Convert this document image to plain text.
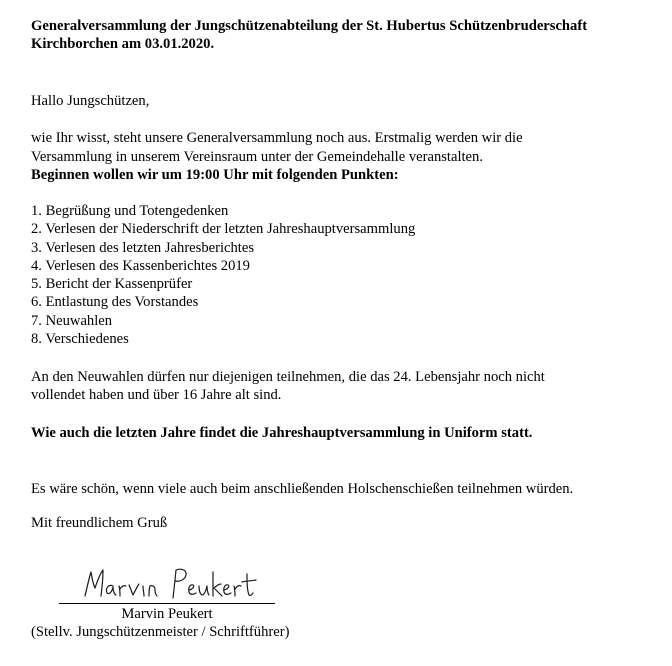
Generalversammlung der Jungschützenabteilung der St. Hubertus Schützenbruderschaft
Kirchborchen am 03.01.2020.
Hallo Jungschützen,
wie Ihr wisst, steht unsere Generalversammlung noch aus. Erstmalig werden wir die
Versammlung in unserem Vereinsraum unter der Gemeindehalle veranstalten.
Beginnen wollen wir um 19:00 Uhr mit folgenden Punkten:
1. Begrüßung und Totengedenken
2. Verlesen der Niederschrift der letzten Jahreshauptversammlung
3. Verlesen des letzten Jahresberichtes
4. Verlesen des Kassenberichtes 2019
5. Bericht der Kassenprüfer
6. Entlastung des Vorstandes
7. Neuwahlen
8. Verschiedenes
An den Neuwahlen dürfen nur diejenigen teilnehmen, die das 24. Lebensjahr noch nicht
vollendet haben und über 16 Jahre alt sind.
Wie auch die letzten Jahre findet die Jahreshauptversammlung in Uniform statt.
Es wäre schön, wenn viele auch beim anschließenden Holschenschießen teilnehmen würden.
Mit freundlichem Gruß
Marvin Peukert
(Stellv. Jungschützenmeister / Schriftführer)
